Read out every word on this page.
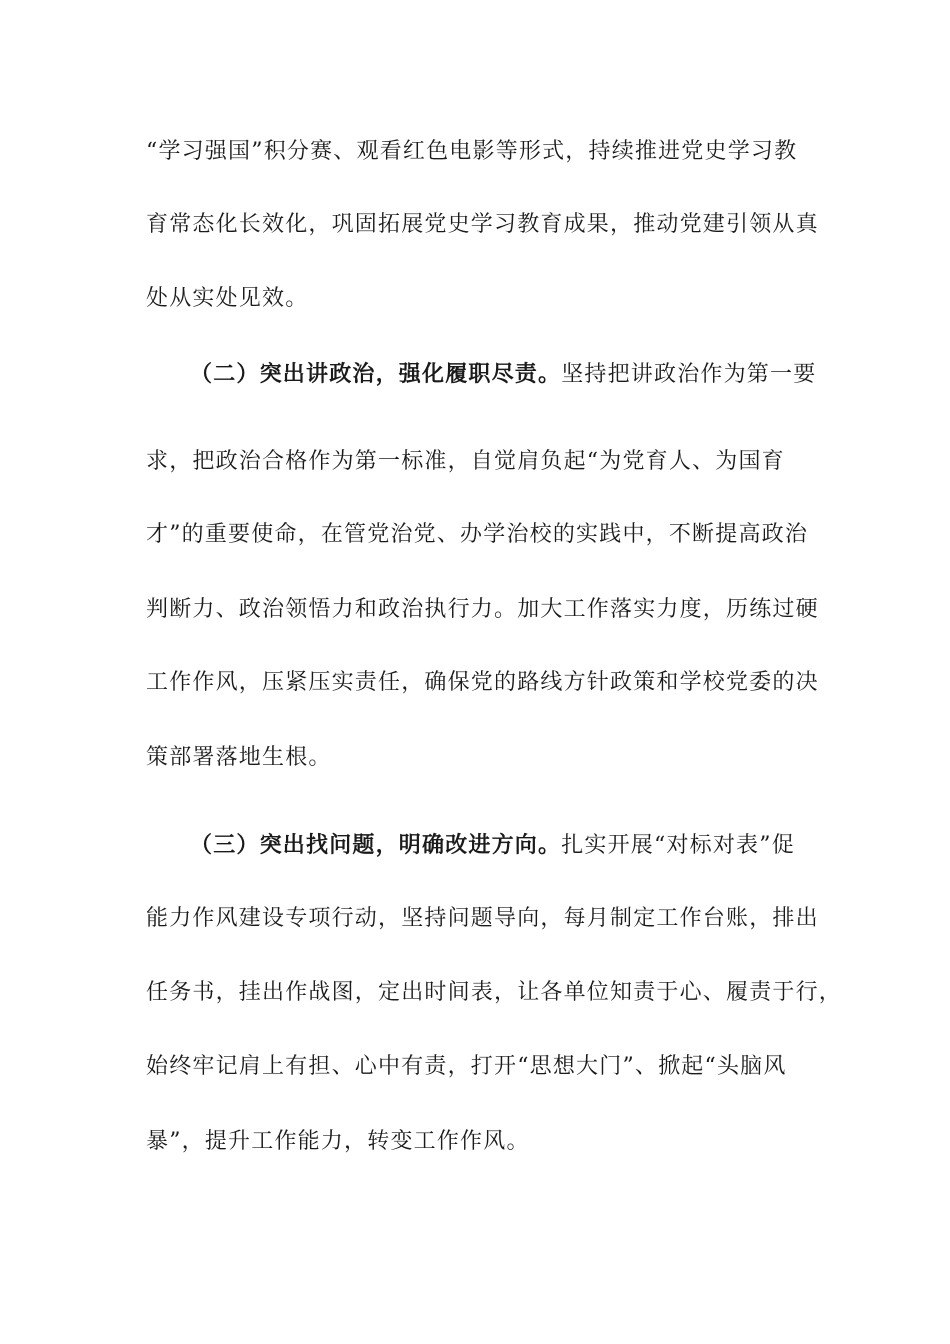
“学习强国”积分赛、观看红色电影等形式，持续推进党史学习教
育常态化长效化，巩固拓展党史学习教育成果，推动党建引领从真
处从实处见效。
（二）突出讲政治，强化履职尽责。坚持把讲政治作为第一要
求，把政治合格作为第一标准，自觉肩负起“为党育人、为国育
才”的重要使命，在管党治党、办学治校的实践中，不断提高政治
判断力、政治领悟力和政治执行力。加大工作落实力度，历练过硬
工作作风，压紧压实责任，确保党的路线方针政策和学校党委的决
策部署落地生根。
（三）突出找问题，明确改进方向。扎实开展“对标对表”促
能力作风建设专项行动，坚持问题导向，每月制定工作台账，排出
任务书，挂出作战图，定出时间表，让各单位知责于心、履责于行，
始终牢记肩上有担、心中有责，打开“思想大门”、掀起“头脑风
暴”，提升工作能力，转变工作作风。
